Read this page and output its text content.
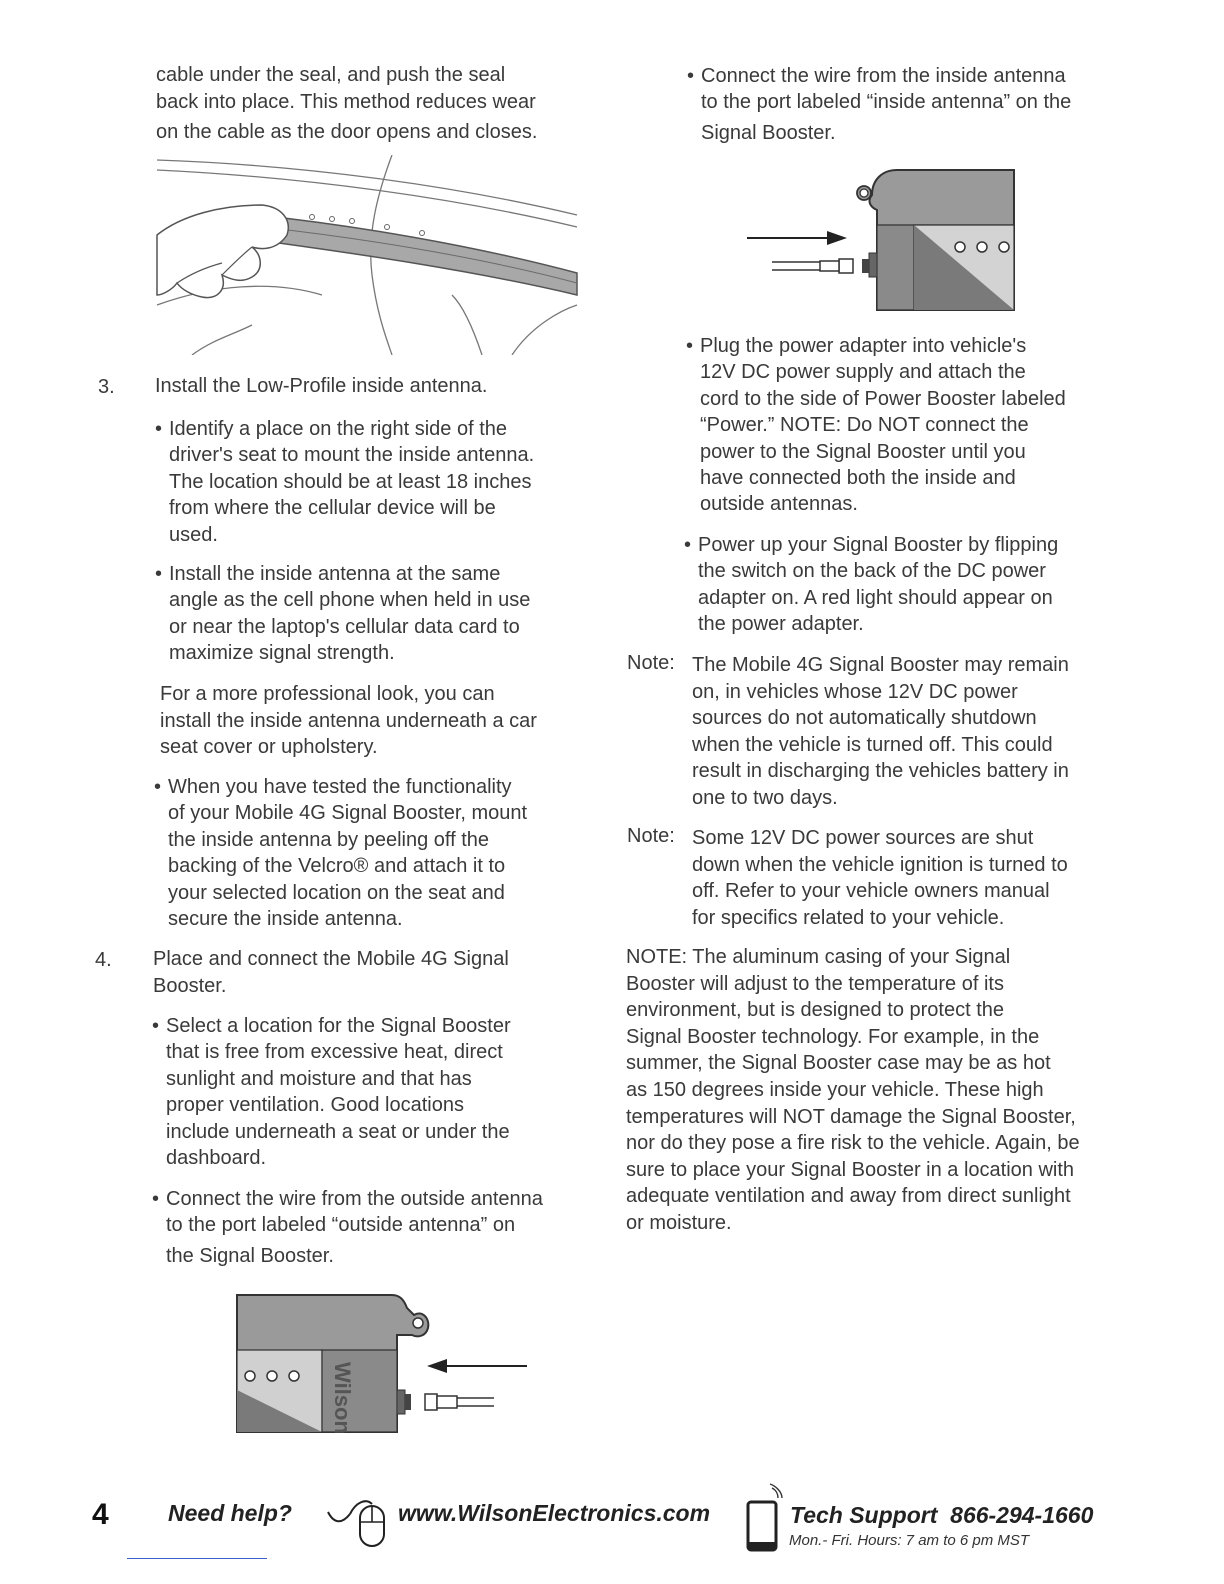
cable under the seal, and push the seal
back into place. This method reduces wear
on the cable as the door opens and closes.
3. Install the Low-Profile inside antenna.
• Identify a place on the right side of the
driver's seat to mount the inside antenna.
The location should be at least 18 inches
from where the cellular device will be
used.
• Install the inside antenna at the same
angle as the cell phone when held in use
or near the laptop's cellular data card to
maximize signal strength.
For a more professional look, you can
install the inside antenna underneath a car
seat cover or upholstery.
• When you have tested the functionality
of your Mobile 4G Signal Booster, mount
the inside antenna by peeling off the
backing of the Velcro® and attach it to
your selected location on the seat and
secure the inside antenna.
4. Place and connect the Mobile 4G Signal
Booster.
• Select a location for the Signal Booster
that is free from excessive heat, direct
sunlight and moisture and that has
proper ventilation. Good locations
include underneath a seat or under the
dashboard.
• Connect the wire from the outside antenna
to the port labeled “outside antenna” on
the Signal Booster.
Wilson
• Connect the wire from the inside antenna
to the port labeled “inside antenna” on the
Signal Booster.
• Plug the power adapter into vehicle's
12V DC power supply and attach the
cord to the side of Power Booster labeled
“Power.” NOTE: Do NOT connect the
power to the Signal Booster until you
have connected both the inside and
outside antennas.
• Power up your Signal Booster by flipping
the switch on the back of the DC power
adapter on. A red light should appear on
the power adapter.
Note: The Mobile 4G Signal Booster may remain
on, in vehicles whose 12V DC power
sources do not automatically shutdown
when the vehicle is turned off. This could
result in discharging the vehicles battery in
one to two days.
Note: Some 12V DC power sources are shut
down when the vehicle ignition is turned to
off. Refer to your vehicle owners manual
for specifics related to your vehicle.
NOTE: The aluminum casing of your Signal
Booster will adjust to the temperature of its
environment, but is designed to protect the
Signal Booster technology. For example, in the
summer, the Signal Booster case may be as hot
as 150 degrees inside your vehicle. These high
temperatures will NOT damage the Signal Booster,
nor do they pose a fire risk to the vehicle. Again, be
sure to place your Signal Booster in a location with
adequate ventilation and away from direct sunlight
or moisture.
4	Need help?	www.WilsonElectronics.com	Tech Support  866-294-1660
Mon.- Fri. Hours: 7 am to 6 pm MST
